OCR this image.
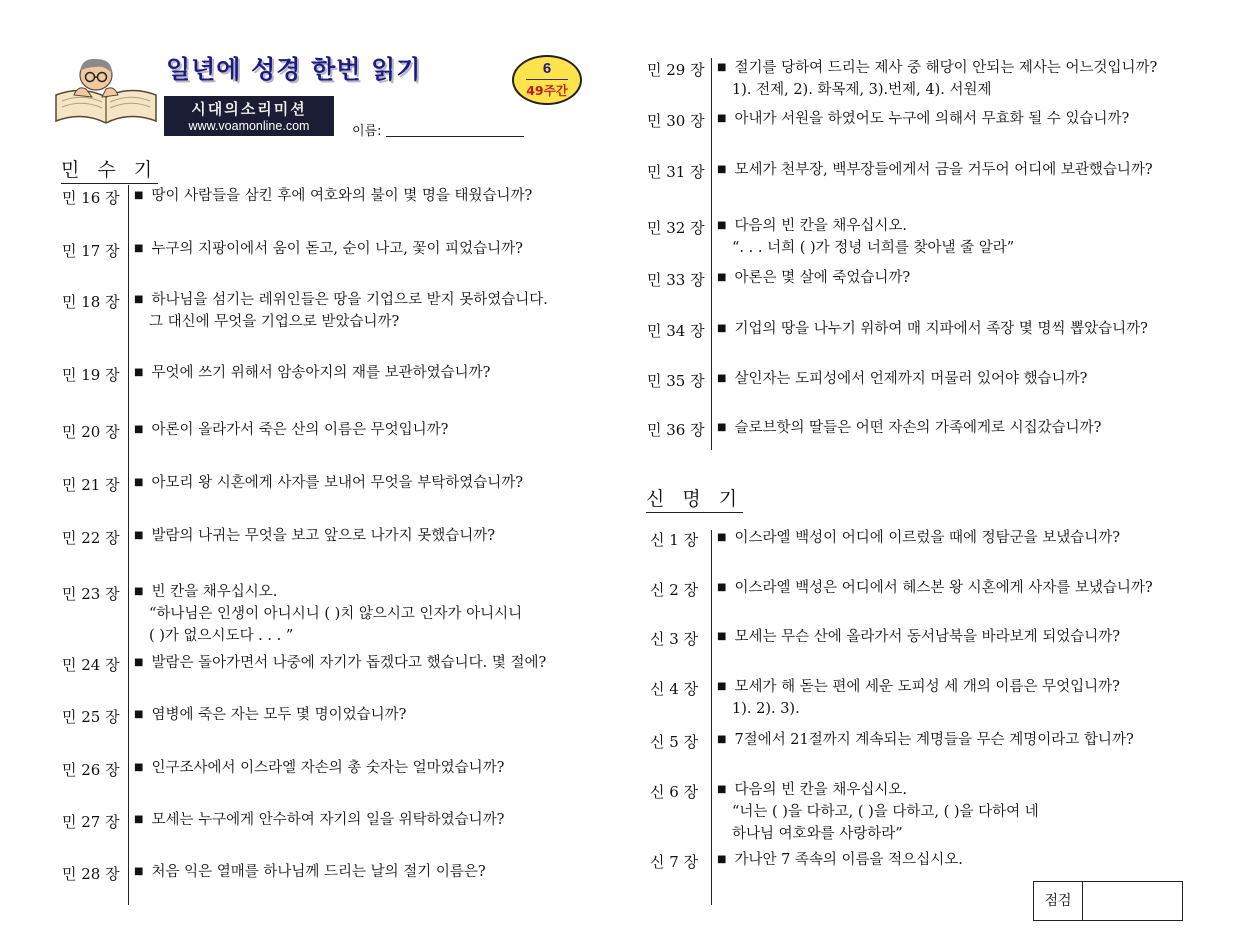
일년에 성경 한번 읽기
시대의소리미션
www.voamonline.com	이름:
6
49주간
민 수 기
민 16 장 ■ 땅이 사람들을 삼킨 후에 여호와의 불이 몇 명을 태웠습니까?
민 17 장 ■ 누구의 지팡이에서 움이 돋고, 순이 나고, 꽃이 피었습니까?
민 18 장 ■ 하나님을 섬기는 레위인들은 땅을 기업으로 받지 못하였습니다.
그 대신에 무엇을 기업으로 받았습니까?
민 19 장 ■ 무엇에 쓰기 위해서 암송아지의 재를 보관하였습니까?
민 20 장 ■ 아론이 올라가서 죽은 산의 이름은 무엇입니까?
민 21 장 ■ 아모리 왕 시혼에게 사자를 보내어 무엇을 부탁하였습니까?
민 22 장 ■ 발람의 나귀는 무엇을 보고 앞으로 나가지 못했습니까?
민 23 장 ■ 빈 칸을 채우십시오.
“하나님은 인생이 아니시니 ( )치 않으시고 인자가 아니시니
( )가 없으시도다 . . . ”
민 24 장 ■ 발람은 돌아가면서 나중에 자기가 돕겠다고 했습니다. 몇 절에?
민 25 장 ■ 염병에 죽은 자는 모두 몇 명이었습니까?
민 26 장 ■ 인구조사에서 이스라엘 자손의 총 숫자는 얼마였습니까?
민 27 장 ■ 모세는 누구에게 안수하여 자기의 일을 위탁하였습니까?
민 28 장 ■ 처음 익은 열매를 하나님께 드리는 날의 절기 이름은?
민 29 장 ■ 절기를 당하여 드리는 제사 중 해당이 안되는 제사는 어느것입니까?
1). 전제, 2). 화목제, 3).번제, 4). 서원제
민 30 장 ■ 아내가 서원을 하였어도 누구에 의해서 무효화 될 수 있습니까?
민 31 장 ■ 모세가 천부장, 백부장들에게서 금을 거두어 어디에 보관했습니까?
민 32 장 ■ 다음의 빈 칸을 채우십시오.
“. . . 너희 ( )가 정녕 너희를 찾아낼 줄 알라”
민 33 장 ■ 아론은 몇 살에 죽었습니까?
민 34 장 ■ 기업의 땅을 나누기 위하여 매 지파에서 족장 몇 명씩 뽑았습니까?
민 35 장 ■ 살인자는 도피성에서 언제까지 머물러 있어야 했습니까?
민 36 장 ■ 슬로브핫의 딸들은 어떤 자손의 가족에게로 시집갔습니까?
신 명 기
신 1 장 ■ 이스라엘 백성이 어디에 이르렀을 때에 정탐군을 보냈습니까?
신 2 장 ■ 이스라엘 백성은 어디에서 헤스본 왕 시혼에게 사자를 보냈습니까?
신 3 장 ■ 모세는 무슨 산에 올라가서 동서남북을 바라보게 되었습니까?
신 4 장 ■ 모세가 해 돋는 편에 세운 도피성 세 개의 이름은 무엇입니까?
1). 2). 3).
신 5 장 ■ 7절에서 21절까지 계속되는 계명들을 무슨 계명이라고 합니까?
신 6 장 ■ 다음의 빈 칸을 채우십시오.
“너는 ( )을 다하고, ( )을 다하고, ( )을 다하여 네
하나님 여호와를 사랑하라”
신 7 장 ■ 가나안 7 족속의 이름을 적으십시오.
점검
